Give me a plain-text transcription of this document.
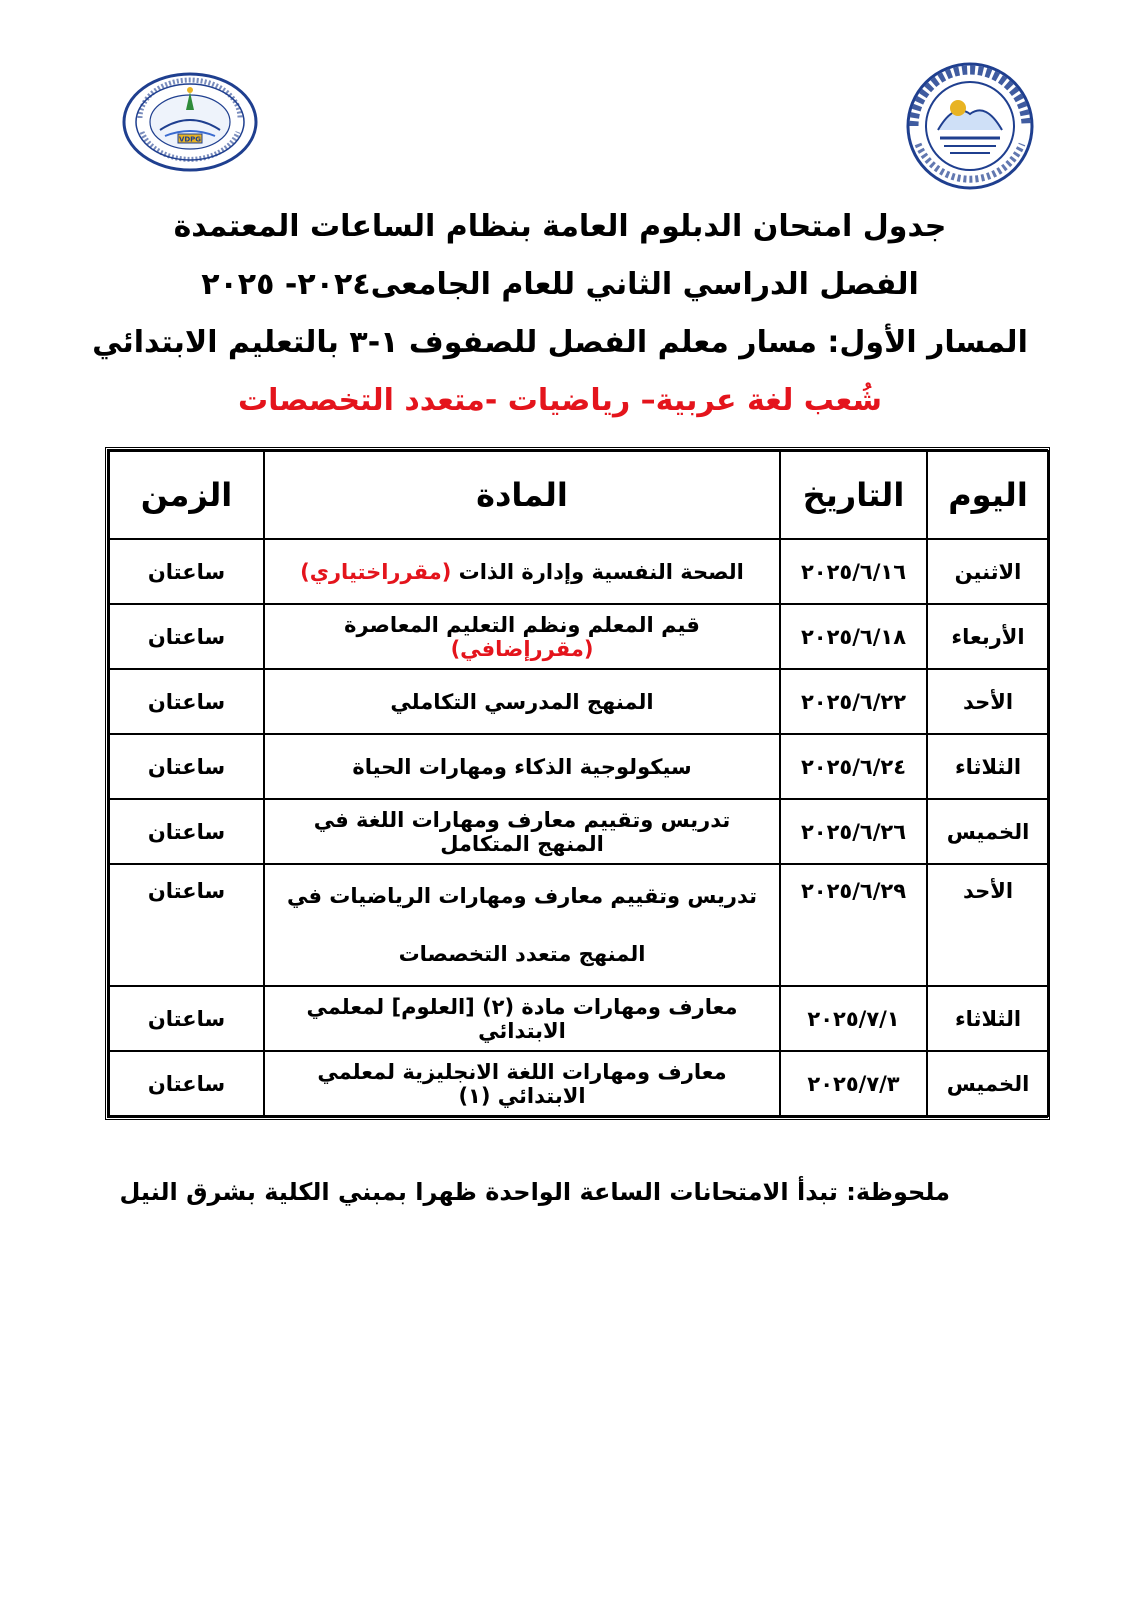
VDPG
جدول امتحان الدبلوم العامة بنظام الساعات المعتمدة
الفصل الدراسي الثاني للعام الجامعى٢٠٢٤- ٢٠٢٥
المسار الأول: مسار معلم الفصل للصفوف ١-٣ بالتعليم الابتدائي
شُعب لغة عربية– رياضيات -متعدد التخصصات
اليوم	التاريخ	المادة	الزمن
الاثنين	٢٠٢٥/٦/١٦	الصحة النفسية وإدارة الذات (مقرراختياري)	ساعتان
الأربعاء	٢٠٢٥/٦/١٨	قيم المعلم ونظم التعليم المعاصرة (مقررإضافي)	ساعتان
الأحد	٢٠٢٥/٦/٢٢	المنهج المدرسي التكاملي	ساعتان
الثلاثاء	٢٠٢٥/٦/٢٤	سيكولوجية الذكاء ومهارات الحياة	ساعتان
الخميس	٢٠٢٥/٦/٢٦	تدريس وتقييم معارف ومهارات اللغة في المنهج المتكامل	ساعتان
الأحد	٢٠٢٥/٦/٢٩	تدريس وتقييم معارف ومهارات الرياضيات في المنهج متعدد التخصصات	ساعتان
الثلاثاء	٢٠٢٥/٧/١	معارف ومهارات مادة (٢) [العلوم] لمعلمي الابتدائي	ساعتان
الخميس	٢٠٢٥/٧/٣	معارف ومهارات اللغة الانجليزية لمعلمي الابتدائي (١)	ساعتان
ملحوظة: تبدأ الامتحانات الساعة الواحدة ظهرا بمبني الكلية بشرق النيل
